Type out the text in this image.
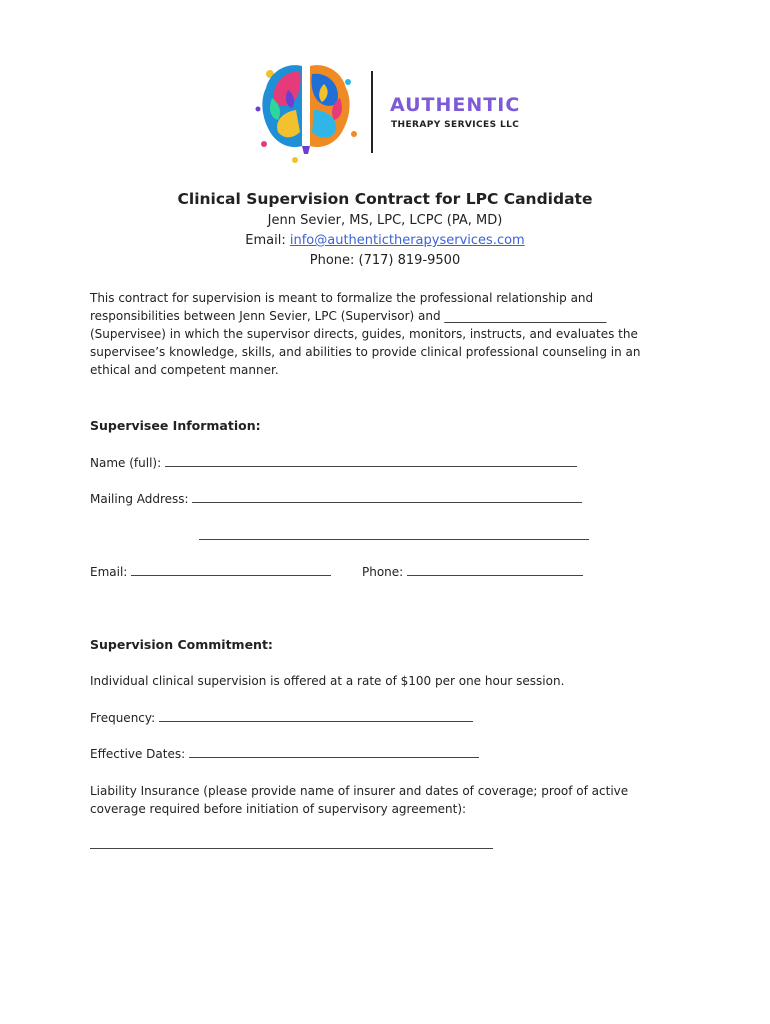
AUTHENTIC
THERAPY SERVICES LLC
Clinical Supervision Contract for LPC Candidate
Jenn Sevier, MS, LPC, LCPC (PA, MD)
Email: info@authentictherapyservices.com
Phone: (717) 819-9500
This contract for supervision is meant to formalize the professional relationship and responsibilities between Jenn Sevier, LPC (Supervisor) and ___________________________ (Supervisee) in which the supervisor directs, guides, monitors, instructs, and evaluates the supervisee’s knowledge, skills, and abilities to provide clinical professional counseling in an ethical and competent manner.
Supervisee Information:
Name (full):
Mailing Address:
Email:	Phone:
Supervision Commitment:
Individual clinical supervision is offered at a rate of $100 per one hour session.
Frequency:
Effective Dates:
Liability Insurance (please provide name of insurer and dates of coverage; proof of active coverage required before initiation of supervisory agreement):
